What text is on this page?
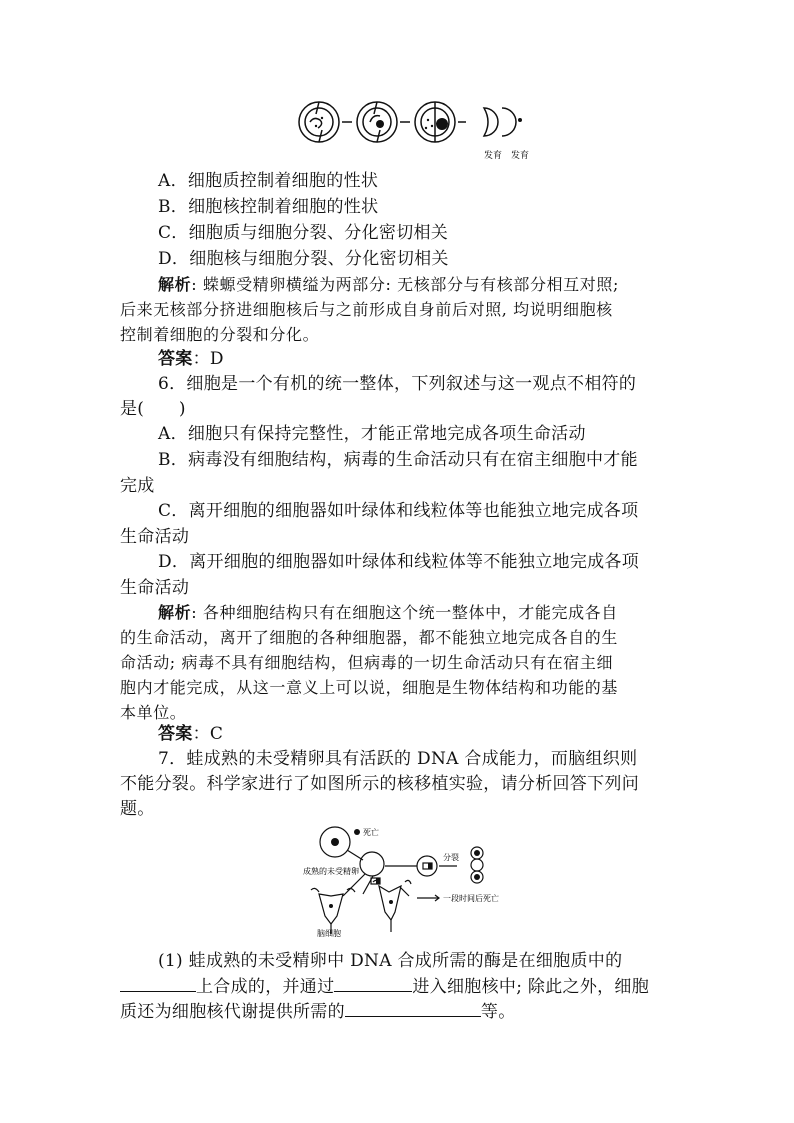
发育 发育
A．细胞质控制着细胞的性状
B．细胞核控制着细胞的性状
C．细胞质与细胞分裂、分化密切相关
D．细胞核与细胞分裂、分化密切相关
解析: 蝾螈受精卵横缢为两部分: 无核部分与有核部分相互对照;
后来无核部分挤进细胞核后与之前形成自身前后对照, 均说明细胞核
控制着细胞的分裂和分化。
答案：D
6．细胞是一个有机的统一整体，下列叙述与这一观点不相符的
是(　　)
A．细胞只有保持完整性，才能正常地完成各项生命活动
B．病毒没有细胞结构，病毒的生命活动只有在宿主细胞中才能
完成
C．离开细胞的细胞器如叶绿体和线粒体等也能独立地完成各项
生命活动
D．离开细胞的细胞器如叶绿体和线粒体等不能独立地完成各项
生命活动
解析: 各种细胞结构只有在细胞这个统一整体中，才能完成各自
的生命活动，离开了细胞的各种细胞器，都不能独立地完成各自的生
命活动; 病毒不具有细胞结构，但病毒的一切生命活动只有在宿主细
胞内才能完成，从这一意义上可以说，细胞是生物体结构和功能的基
本单位。
答案：C
7．蛙成熟的未受精卵具有活跃的 DNA 合成能力，而脑组织则
不能分裂。科学家进行了如图所示的核移植实验，请分析回答下列问
题。
死亡
成熟的未受精卵
分裂
脑细胞
一段时间后死亡
(1) 蛙成熟的未受精卵中 DNA 合成所需的酶是在细胞质中的
上合成的，并通过	进入细胞核中; 除此之外，细胞
质还为细胞核代谢提供所需的	等。
